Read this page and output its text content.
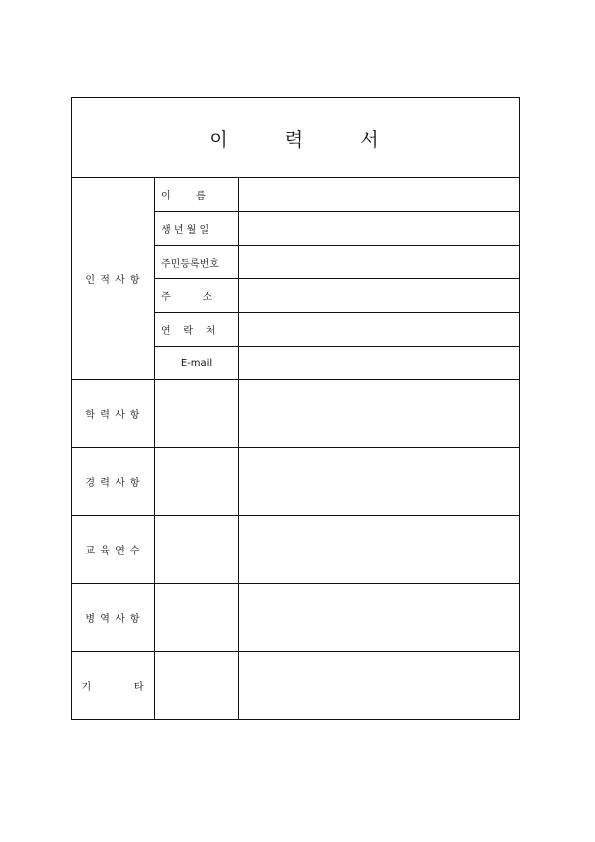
이  력  서
인 적 사 항
이        름
생 년 월 일
주민등록번호
주          소
연    락    처
E-mail
학 력 사 항
경 력 사 항
교 육 연 수
병 역 사 항
기          타
